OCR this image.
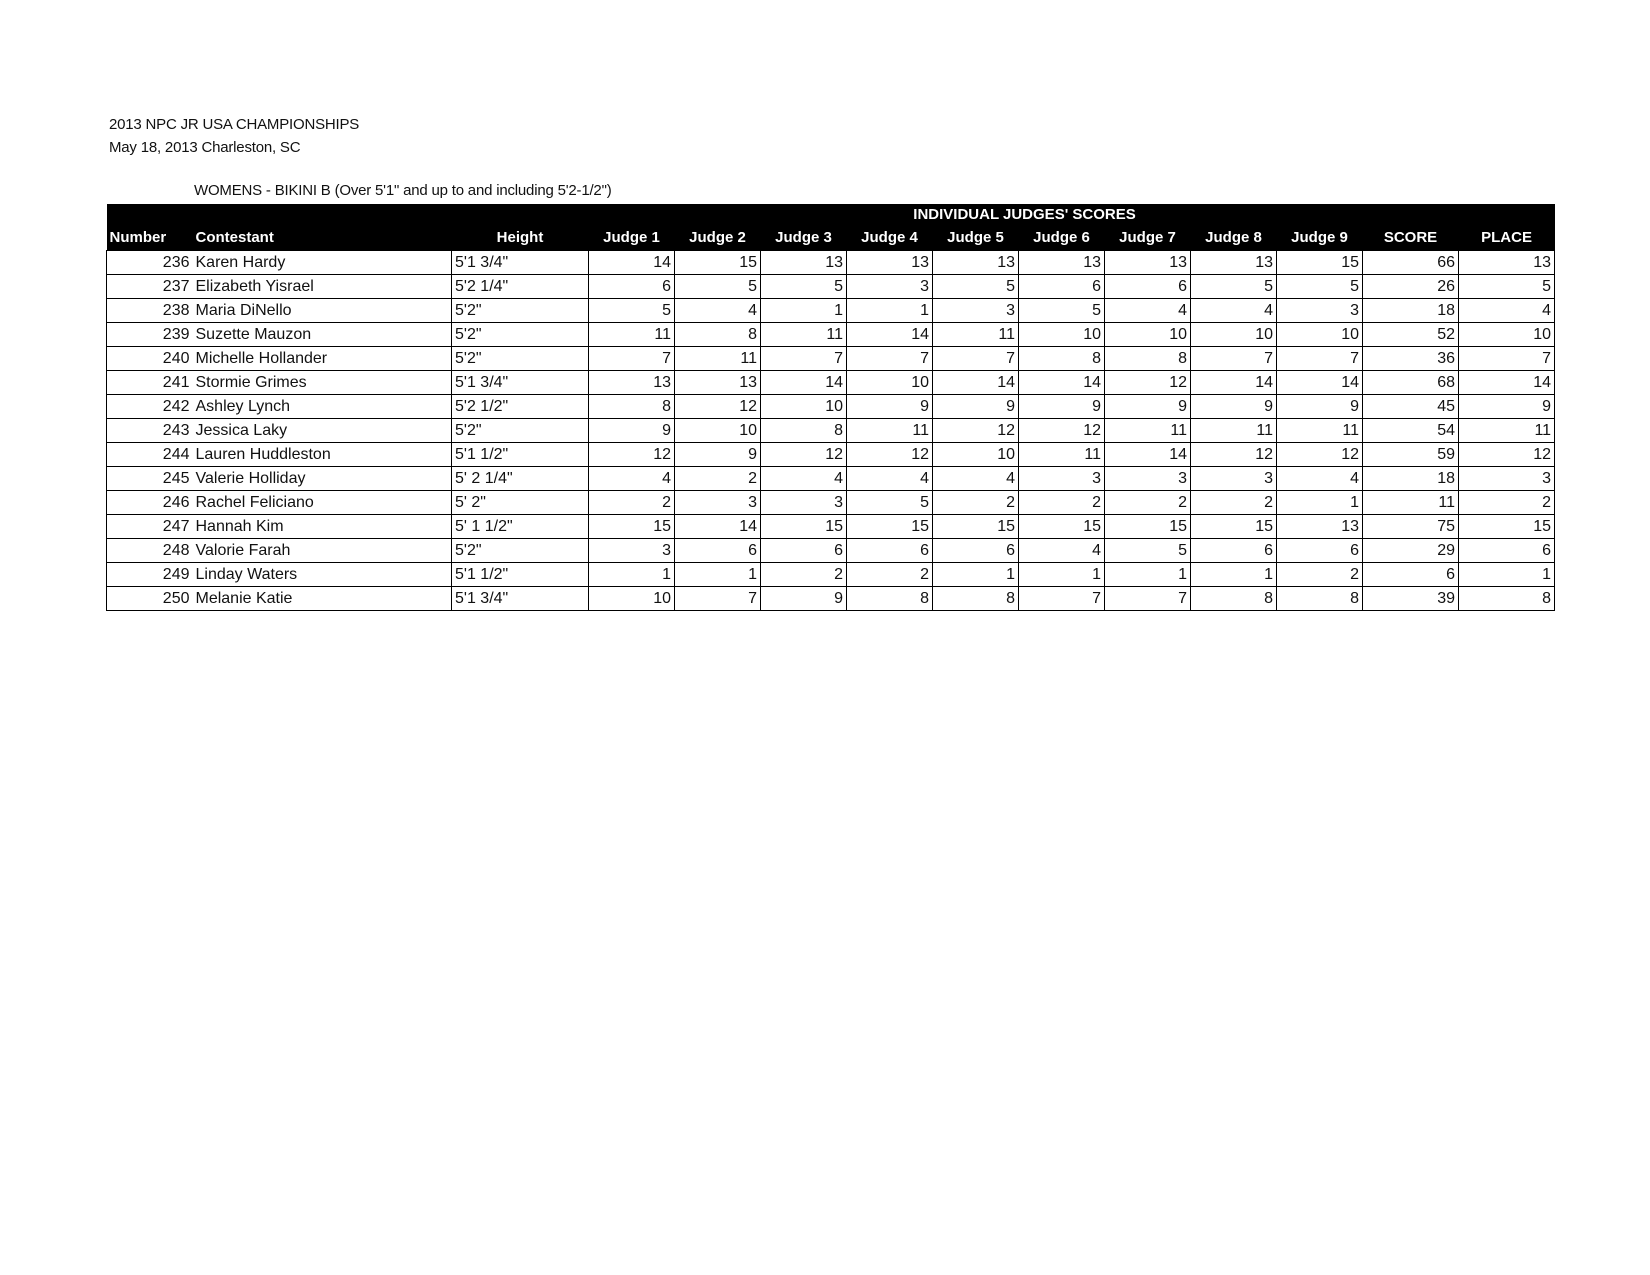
2013 NPC JR USA CHAMPIONSHIPS
May 18, 2013 Charleston, SC
WOMENS - BIKINI B (Over 5'1" and up to and including 5'2-1/2")
INDIVIDUAL JUDGES' SCORES													
Number	Contestant	Height	Judge 1	Judge 2	Judge 3	Judge 4	Judge 5	Judge 6	Judge 7	Judge 8	Judge 9	SCORE	PLACE
236	Karen Hardy	5'1 3/4"	14	15	13	13	13	13	13	13	15	66	13
237	Elizabeth Yisrael	5'2 1/4"	6	5	5	3	5	6	6	5	5	26	5
238	Maria DiNello	5'2"	5	4	1	1	3	5	4	4	3	18	4
239	Suzette Mauzon	5'2"	11	8	11	14	11	10	10	10	10	52	10
240	Michelle Hollander	5'2"	7	11	7	7	7	8	8	7	7	36	7
241	Stormie Grimes	5'1 3/4"	13	13	14	10	14	14	12	14	14	68	14
242	Ashley Lynch	5'2 1/2"	8	12	10	9	9	9	9	9	9	45	9
243	Jessica Laky	5'2"	9	10	8	11	12	12	11	11	11	54	11
244	Lauren Huddleston	5'1 1/2"	12	9	12	12	10	11	14	12	12	59	12
245	Valerie Holliday	5' 2 1/4"	4	2	4	4	4	3	3	3	4	18	3
246	Rachel Feliciano	5' 2"	2	3	3	5	2	2	2	2	1	11	2
247	Hannah Kim	5' 1 1/2"	15	14	15	15	15	15	15	15	13	75	15
248	Valorie Farah	5'2"	3	6	6	6	6	4	5	6	6	29	6
249	Linday Waters	5'1 1/2"	1	1	2	2	1	1	1	1	2	6	1
250	Melanie Katie	5'1 3/4"	10	7	9	8	8	7	7	8	8	39	8
